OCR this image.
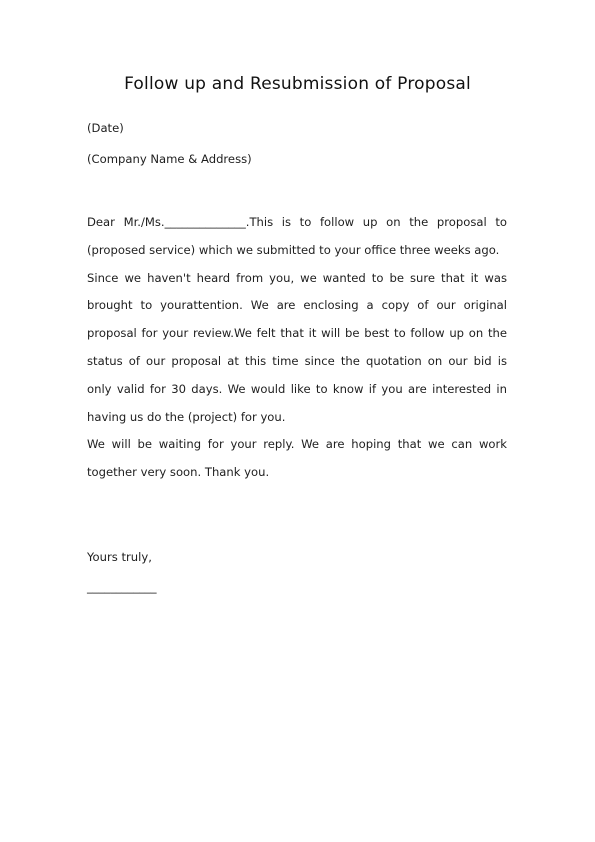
Follow up and Resubmission of Proposal
(Date)
(Company Name & Address)
Dear Mr./Ms.______________.This is to follow up on the proposal to
(proposed service) which we submitted to your office three weeks ago.
Since we haven't heard from you, we wanted to be sure that it was
brought to yourattention. We are enclosing a copy of our original
proposal for your review.We felt that it will be best to follow up on the
status of our proposal at this time since the quotation on our bid is
only valid for 30 days. We would like to know if you are interested in
having us do the (project) for you.
We will be waiting for your reply. We are hoping that we can work
together very soon. Thank you.
Yours truly,
____________
